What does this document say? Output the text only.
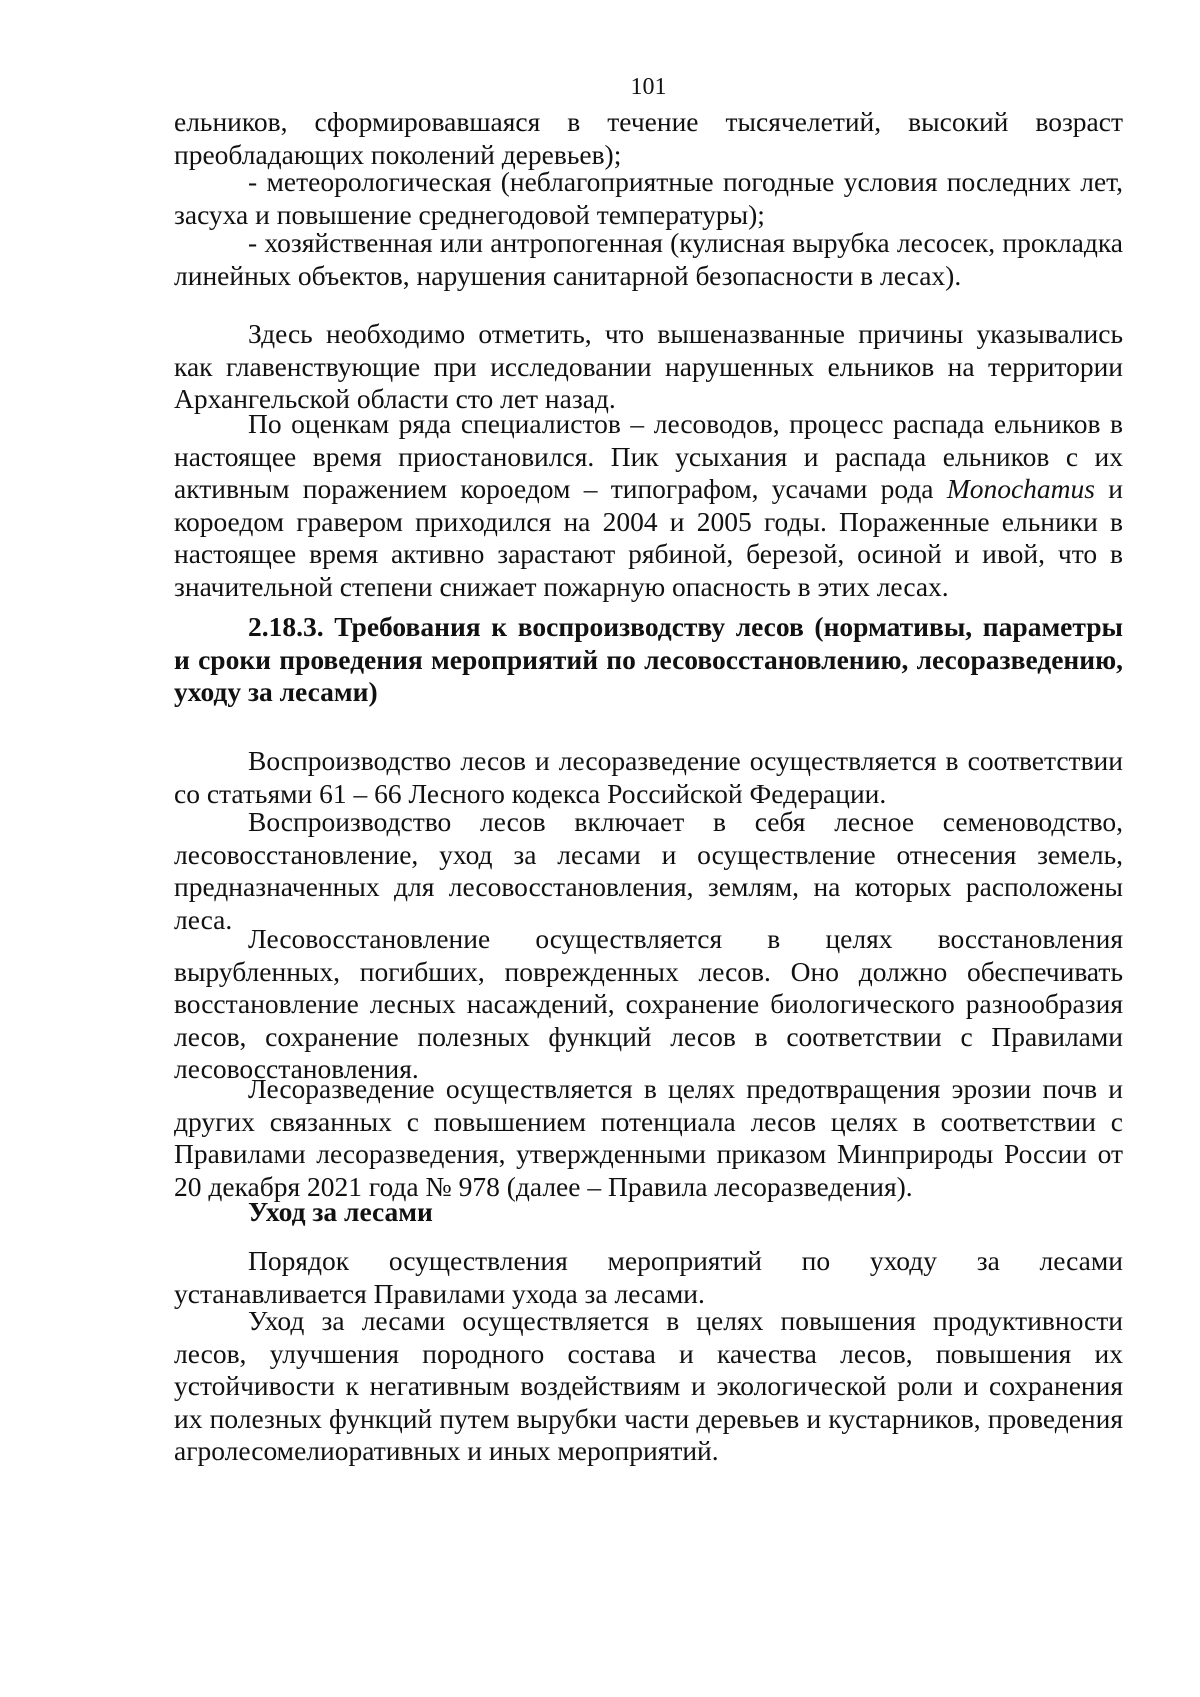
101

ельников, сформировавшаяся в течение тысячелетий, высокий возраст преобладающих поколений деревьев);

- метеорологическая (неблагоприятные погодные условия последних лет, засуха и повышение среднегодовой температуры);

- хозяйственная или антропогенная (кулисная вырубка лесосек, прокладка линейных объектов, нарушения санитарной безопасности в лесах).

Здесь необходимо отметить, что вышеназванные причины указывались как главенствующие при исследовании нарушенных ельников на территории Архангельской области сто лет назад.

По оценкам ряда специалистов – лесоводов, процесс распада ельников в настоящее время приостановился. Пик усыхания и распада ельников с их активным поражением короедом – типографом, усачами рода Monochamus и короедом гравером приходился на 2004 и 2005 годы. Пораженные ельники в настоящее время активно зарастают рябиной, березой, осиной и ивой, что в значительной степени снижает пожарную опасность в этих лесах.

2.18.3. Требования к воспроизводству лесов (нормативы, параметры и сроки проведения мероприятий по лесовосстановлению, лесоразведению, уходу за лесами)

Воспроизводство лесов и лесоразведение осуществляется в соответствии со статьями 61 – 66 Лесного кодекса Российской Федерации.

Воспроизводство лесов включает в себя лесное семеноводство, лесовосстановление, уход за лесами и осуществление отнесения земель, предназначенных для лесовосстановления, землям, на которых расположены леса.

Лесовосстановление осуществляется в целях восстановления вырубленных, погибших, поврежденных лесов. Оно должно обеспечивать восстановление лесных насаждений, сохранение биологического разнообразия лесов, сохранение полезных функций лесов в соответствии с Правилами лесовосстановления.

Лесоразведение осуществляется в целях предотвращения эрозии почв и других связанных с повышением потенциала лесов целях в соответствии с Правилами лесоразведения, утвержденными приказом Минприроды России от 20 декабря 2021 года № 978 (далее – Правила лесоразведения).

Уход за лесами

Порядок осуществления мероприятий по уходу за лесами устанавливается Правилами ухода за лесами.

Уход за лесами осуществляется в целях повышения продуктивности лесов, улучшения породного состава и качества лесов, повышения их устойчивости к негативным воздействиям и экологической роли и сохранения их полезных функций путем вырубки части деревьев и кустарников, проведения агролесомелиоративных и иных мероприятий.
